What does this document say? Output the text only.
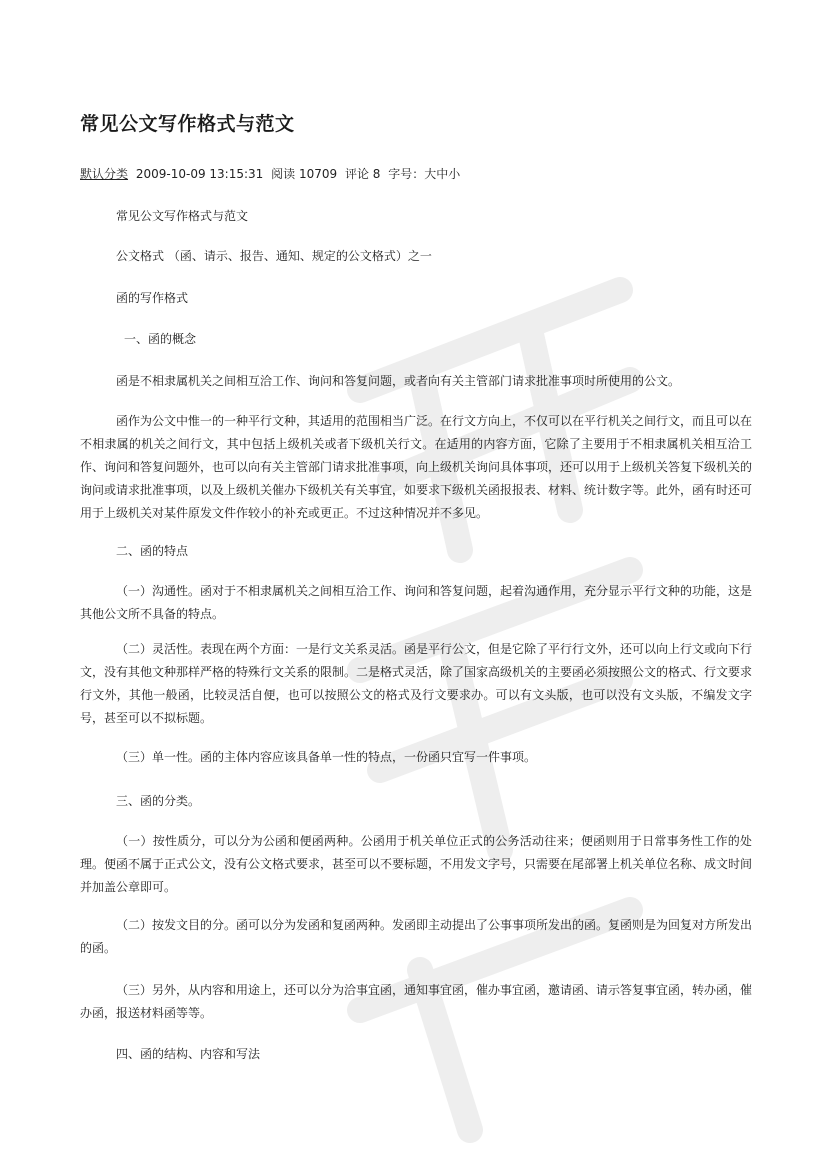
常见公文写作格式与范文
默认分类 2009-10-09 13:15:31 阅读 10709 评论 8 字号：大中小

常见公文写作格式与范文

公文格式 （函、请示、报告、通知、规定的公文格式）之一

函的写作格式

一、函的概念

函是不相隶属机关之间相互洽工作、询问和答复问题，或者向有关主管部门请求批准事项时所使用的公文。

函作为公文中惟一的一种平行文种，其适用的范围相当广泛。在行文方向上，不仅可以在平行机关之间行文，而且可以在不相隶属的机关之间行文，其中包括上级机关或者下级机关行文。在适用的内容方面，它除了主要用于不相隶属机关相互洽工作、询问和答复问题外，也可以向有关主管部门请求批准事项，向上级机关询问具体事项，还可以用于上级机关答复下级机关的询问或请求批准事项，以及上级机关催办下级机关有关事宜，如要求下级机关函报报表、材料、统计数字等。此外，函有时还可用于上级机关对某件原发文件作较小的补充或更正。不过这种情况并不多见。

二、函的特点

（一）沟通性。函对于不相隶属机关之间相互洽工作、询问和答复问题，起着沟通作用，充分显示平行文种的功能，这是其他公文所不具备的特点。

（二）灵活性。表现在两个方面：一是行文关系灵活。函是平行公文，但是它除了平行行文外，还可以向上行文或向下行文，没有其他文种那样严格的特殊行文关系的限制。二是格式灵活，除了国家高级机关的主要函必须按照公文的格式、行文要求行文外，其他一般函，比较灵活自便，也可以按照公文的格式及行文要求办。可以有文头版，也可以没有文头版，不编发文字号，甚至可以不拟标题。

（三）单一性。函的主体内容应该具备单一性的特点，一份函只宜写一件事项。

三、函的分类。

（一）按性质分，可以分为公函和便函两种。公函用于机关单位正式的公务活动往来；便函则用于日常事务性工作的处理。便函不属于正式公文，没有公文格式要求，甚至可以不要标题，不用发文字号，只需要在尾部署上机关单位名称、成文时间并加盖公章即可。

（二）按发文目的分。函可以分为发函和复函两种。发函即主动提出了公事事项所发出的函。复函则是为回复对方所发出的函。

（三）另外，从内容和用途上，还可以分为洽事宜函，通知事宜函，催办事宜函，邀请函、请示答复事宜函，转办函，催办函，报送材料函等等。

四、函的结构、内容和写法
